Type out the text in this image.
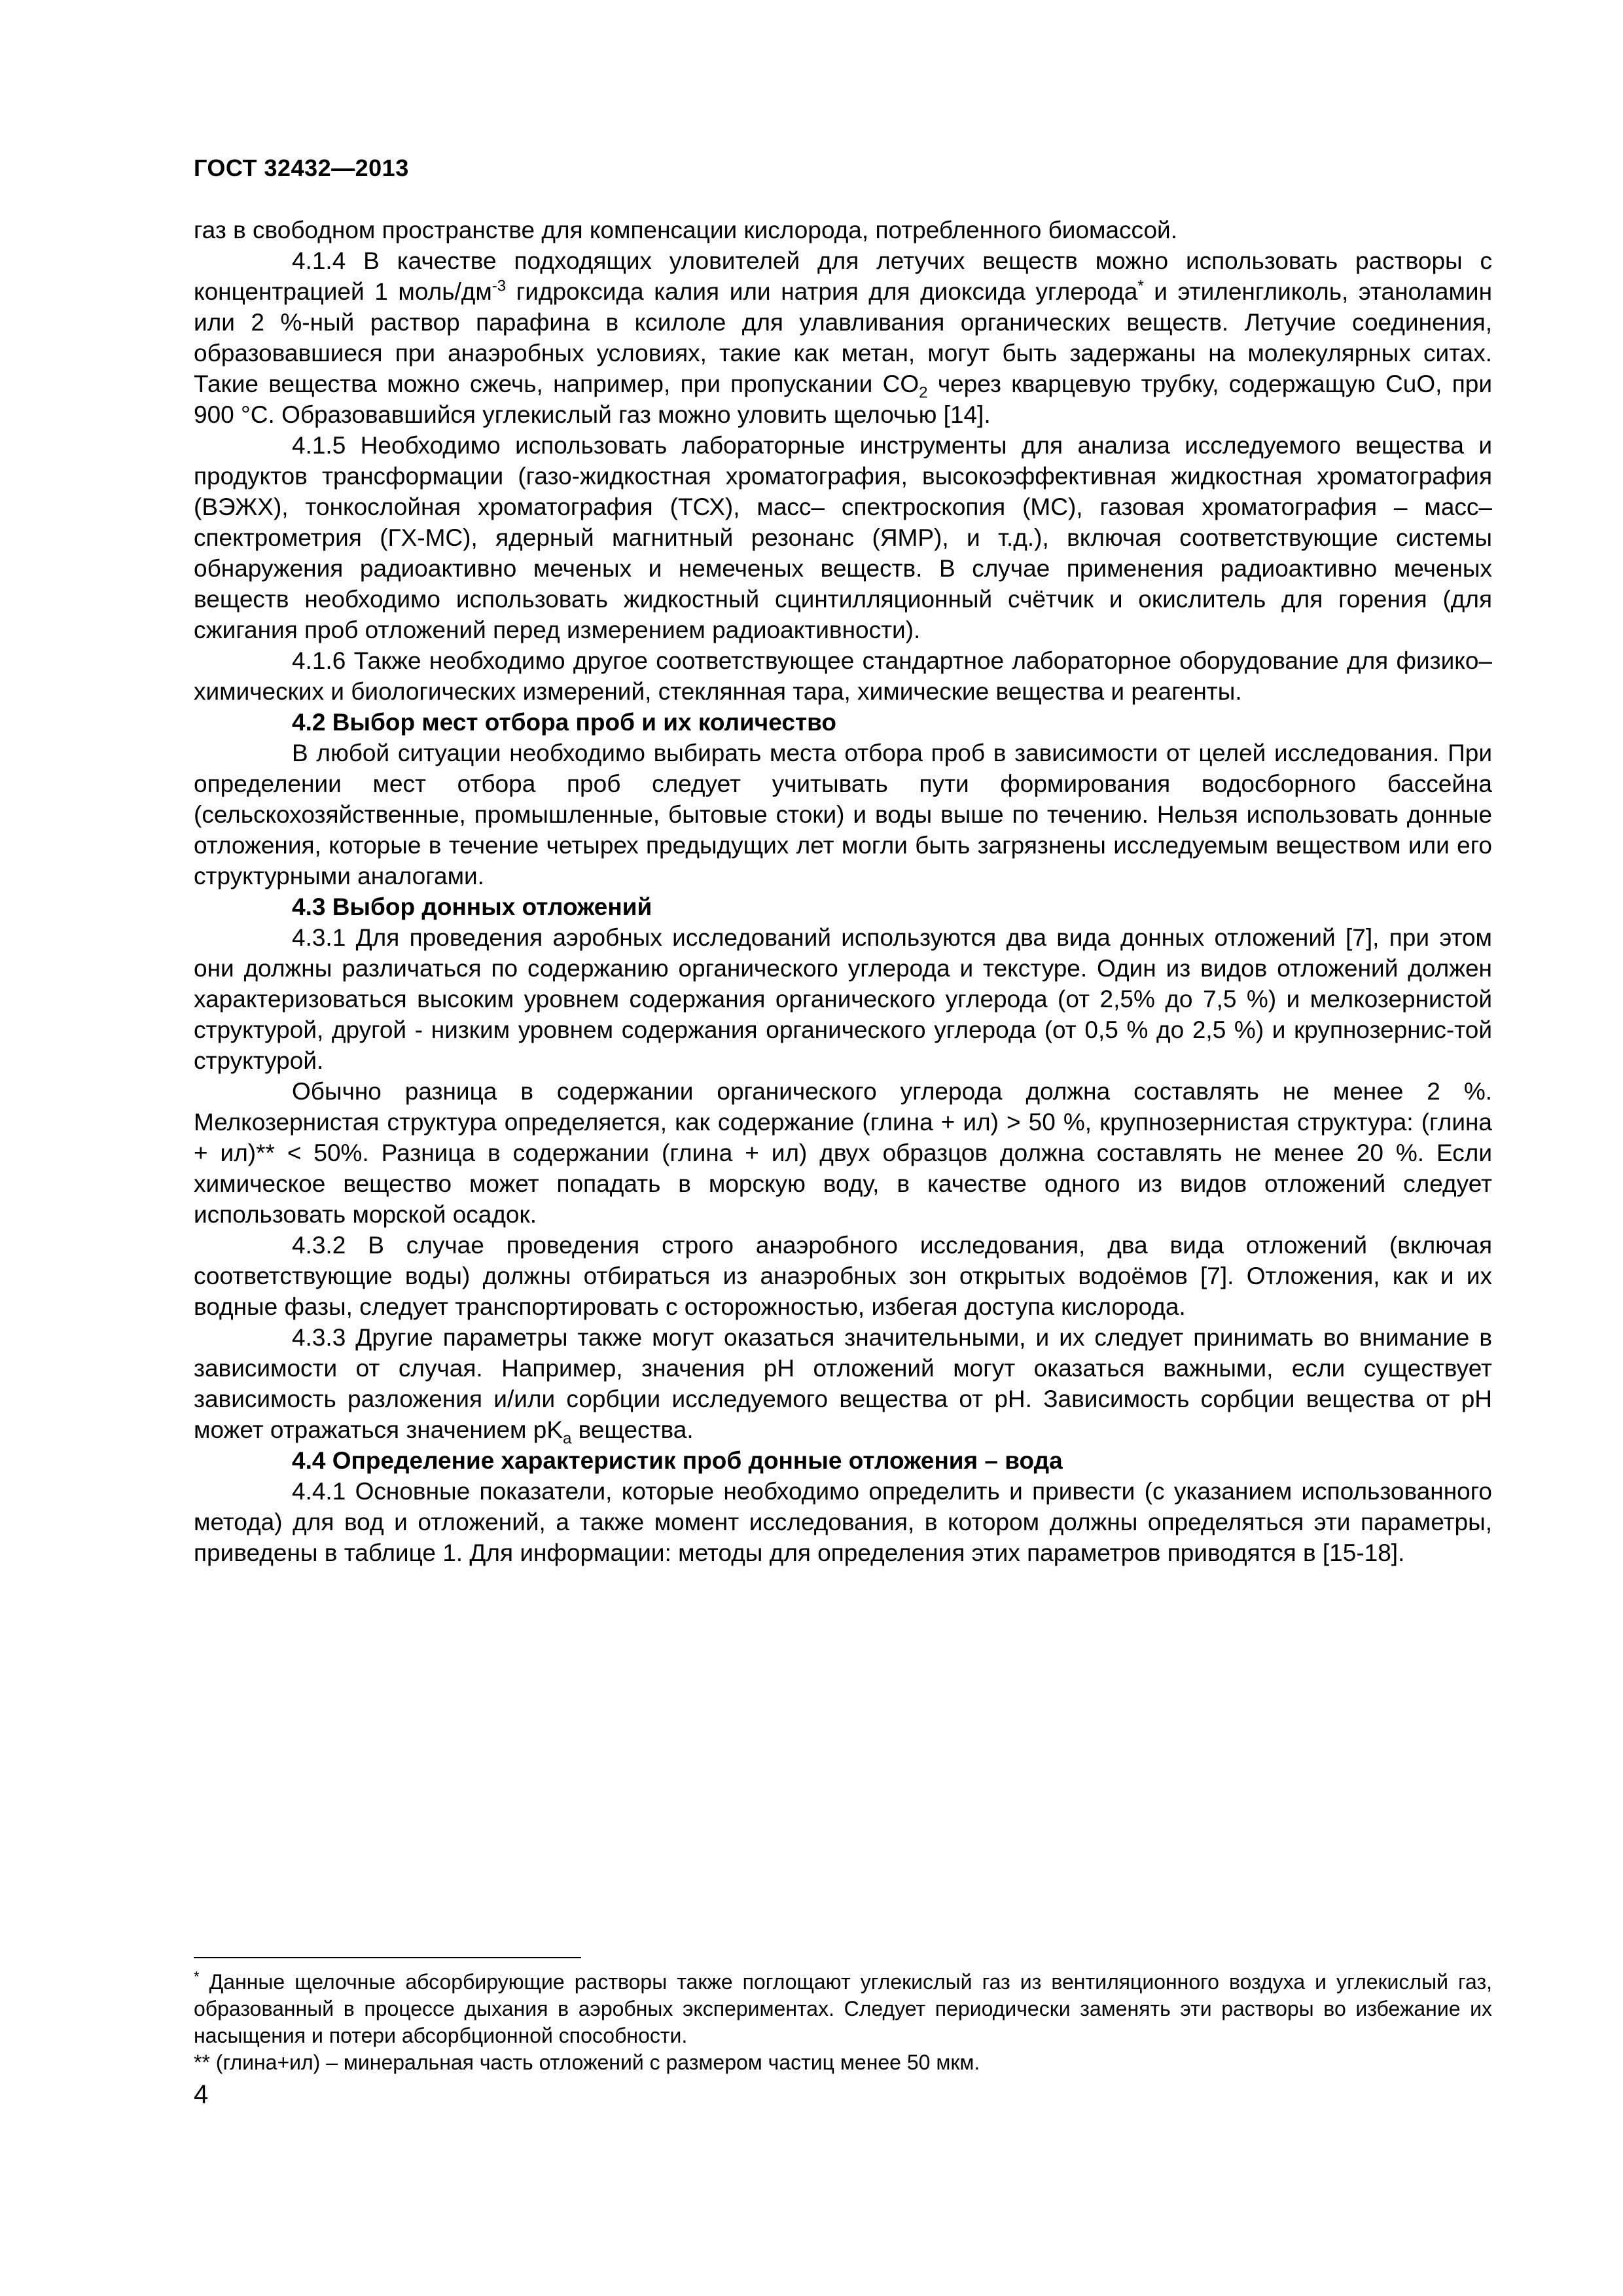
ГОСТ 32432—2013

газ в свободном пространстве для компенсации кислорода, потребленного биомассой.

4.1.4 В качестве подходящих уловителей для летучих веществ можно использовать растворы с концентрацией 1 моль/дм$^{-3}$ гидроксида калия или натрия для диоксида углерода* и этиленгликоль, этаноламин или 2 %-ный раствор парафина в ксилоле для улавливания органических веществ. Летучие соединения, образовавшиеся при анаэробных условиях, такие как метан, могут быть задержаны на молекулярных ситах. Такие вещества можно сжечь, например, при пропускании $CO_2$ через кварцевую трубку, содержащую CuO, при 900 °С. Образовавшийся углекислый газ можно уловить щелочью [14].

4.1.5 Необходимо использовать лабораторные инструменты для анализа исследуемого вещества и продуктов трансформации (газо-жидкостная хроматография, высокоэффективная жидкостная хроматография (ВЭЖХ), тонкослойная хроматография (ТСХ), масс– спектроскопия (МС), газовая хроматография – масс–спектрометрия (ГХ-МС), ядерный магнитный резонанс (ЯМР), и т.д.), включая соответствующие системы обнаружения радиоактивно меченых и немеченых веществ. В случае применения радиоактивно меченых веществ необходимо использовать жидкостный сцинтилляционный счётчик и окислитель для горения (для сжигания проб отложений перед измерением радиоактивности).

4.1.6 Также необходимо другое соответствующее стандартное лабораторное оборудование для физико–химических и биологических измерений, стеклянная тара, химические вещества и реагенты.

4.2 Выбор мест отбора проб и их количество

В любой ситуации необходимо выбирать места отбора проб в зависимости от целей исследования. При определении мест отбора проб следует учитывать пути формирования водосборного бассейна (сельскохозяйственные, промышленные, бытовые стоки) и воды выше по течению. Нельзя использовать донные отложения, которые в течение четырех предыдущих лет могли быть загрязнены исследуемым веществом или его структурными аналогами.

4.3 Выбор донных отложений

4.3.1 Для проведения аэробных исследований используются два вида донных отложений [7], при этом они должны различаться по содержанию органического углерода и текстуре. Один из видов отложений должен характеризоваться высоким уровнем содержания органического углерода (от 2,5% до 7,5 %) и мелкозернистой структурой, другой - низким уровнем содержания органического углерода (от 0,5 % до 2,5 %) и крупнозернис-той структурой.

Обычно разница в содержании органического углерода должна составлять не менее 2 %. Мелкозернистая структура определяется, как содержание (глина + ил) > 50 %, крупнозернистая структура: (глина + ил)** < 50%. Разница в содержании (глина + ил) двух образцов должна составлять не менее 20 %. Если химическое вещество может попадать в морскую воду, в качестве одного из видов отложений следует использовать морской осадок.

4.3.2 В случае проведения строго анаэробного исследования, два вида отложений (включая соответствующие воды) должны отбираться из анаэробных зон открытых водоёмов [7]. Отложения, как и их водные фазы, следует транспортировать с осторожностью, избегая доступа кислорода.

4.3.3 Другие параметры также могут оказаться значительными, и их следует принимать во внимание в зависимости от случая. Например, значения pH отложений могут оказаться важными, если существует зависимость разложения и/или сорбции исследуемого вещества от pH. Зависимость сорбции вещества от pH может отражаться значением $pK_a$ вещества.

4.4 Определение характеристик проб донные отложения – вода

4.4.1 Основные показатели, которые необходимо определить и привести (с указанием использованного метода) для вод и отложений, а также момент исследования, в котором должны определяться эти параметры, приведены в таблице 1. Для информации: методы для определения этих параметров приводятся в [15-18].

* Данные щелочные абсорбирующие растворы также поглощают углекислый газ из вентиляционного воздуха и углекислый газ, образованный в процессе дыхания в аэробных экспериментах. Следует периодически заменять эти растворы во избежание их насыщения и потери абсорбционной способности.

** (глина+ил) – минеральная часть отложений с размером частиц менее 50 мкм.

4
